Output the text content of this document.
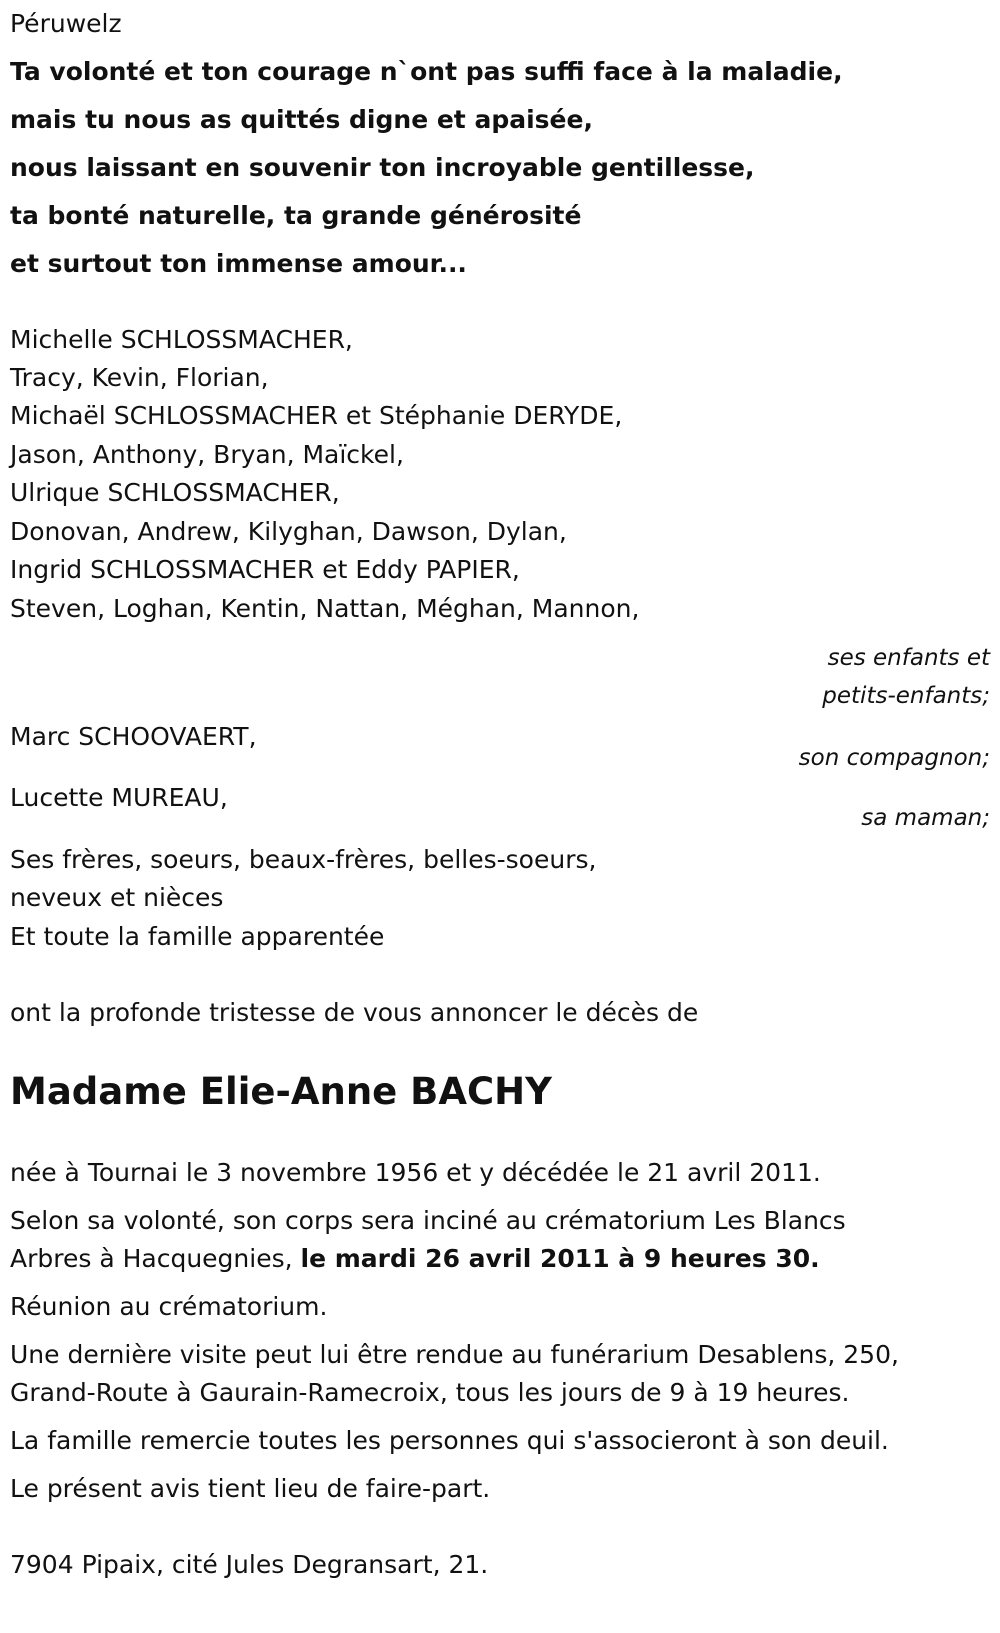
Péruwelz
Ta volonté et ton courage n`ont pas suffi face à la maladie,
mais tu nous as quittés digne et apaisée,
nous laissant en souvenir ton incroyable gentillesse,
ta bonté naturelle, ta grande générosité
et surtout ton immense amour...
Michelle SCHLOSSMACHER,
Tracy, Kevin, Florian,
Michaël SCHLOSSMACHER et Stéphanie DERYDE,
Jason, Anthony, Bryan, Maïckel,
Ulrique SCHLOSSMACHER,
Donovan, Andrew, Kilyghan, Dawson, Dylan,
Ingrid SCHLOSSMACHER et Eddy PAPIER,
Steven, Loghan, Kentin, Nattan, Méghan, Mannon,
ses enfants et
petits-enfants;
Marc SCHOOVAERT,
son compagnon;
Lucette MUREAU,
sa maman;
Ses frères, soeurs, beaux-frères, belles-soeurs,
neveux et nièces
Et toute la famille apparentée
ont la profonde tristesse de vous annoncer le décès de
Madame Elie-Anne BACHY
née à Tournai le 3 novembre 1956 et y décédée le 21 avril 2011.
Selon sa volonté, son corps sera inciné au crématorium Les Blancs
Arbres à Hacquegnies, le mardi 26 avril 2011 à 9 heures 30.
Réunion au crématorium.
Une dernière visite peut lui être rendue au funérarium Desablens, 250,
Grand-Route à Gaurain-Ramecroix, tous les jours de 9 à 19 heures.
La famille remercie toutes les personnes qui s'associeront à son deuil.
Le présent avis tient lieu de faire-part.
7904 Pipaix, cité Jules Degransart, 21.
